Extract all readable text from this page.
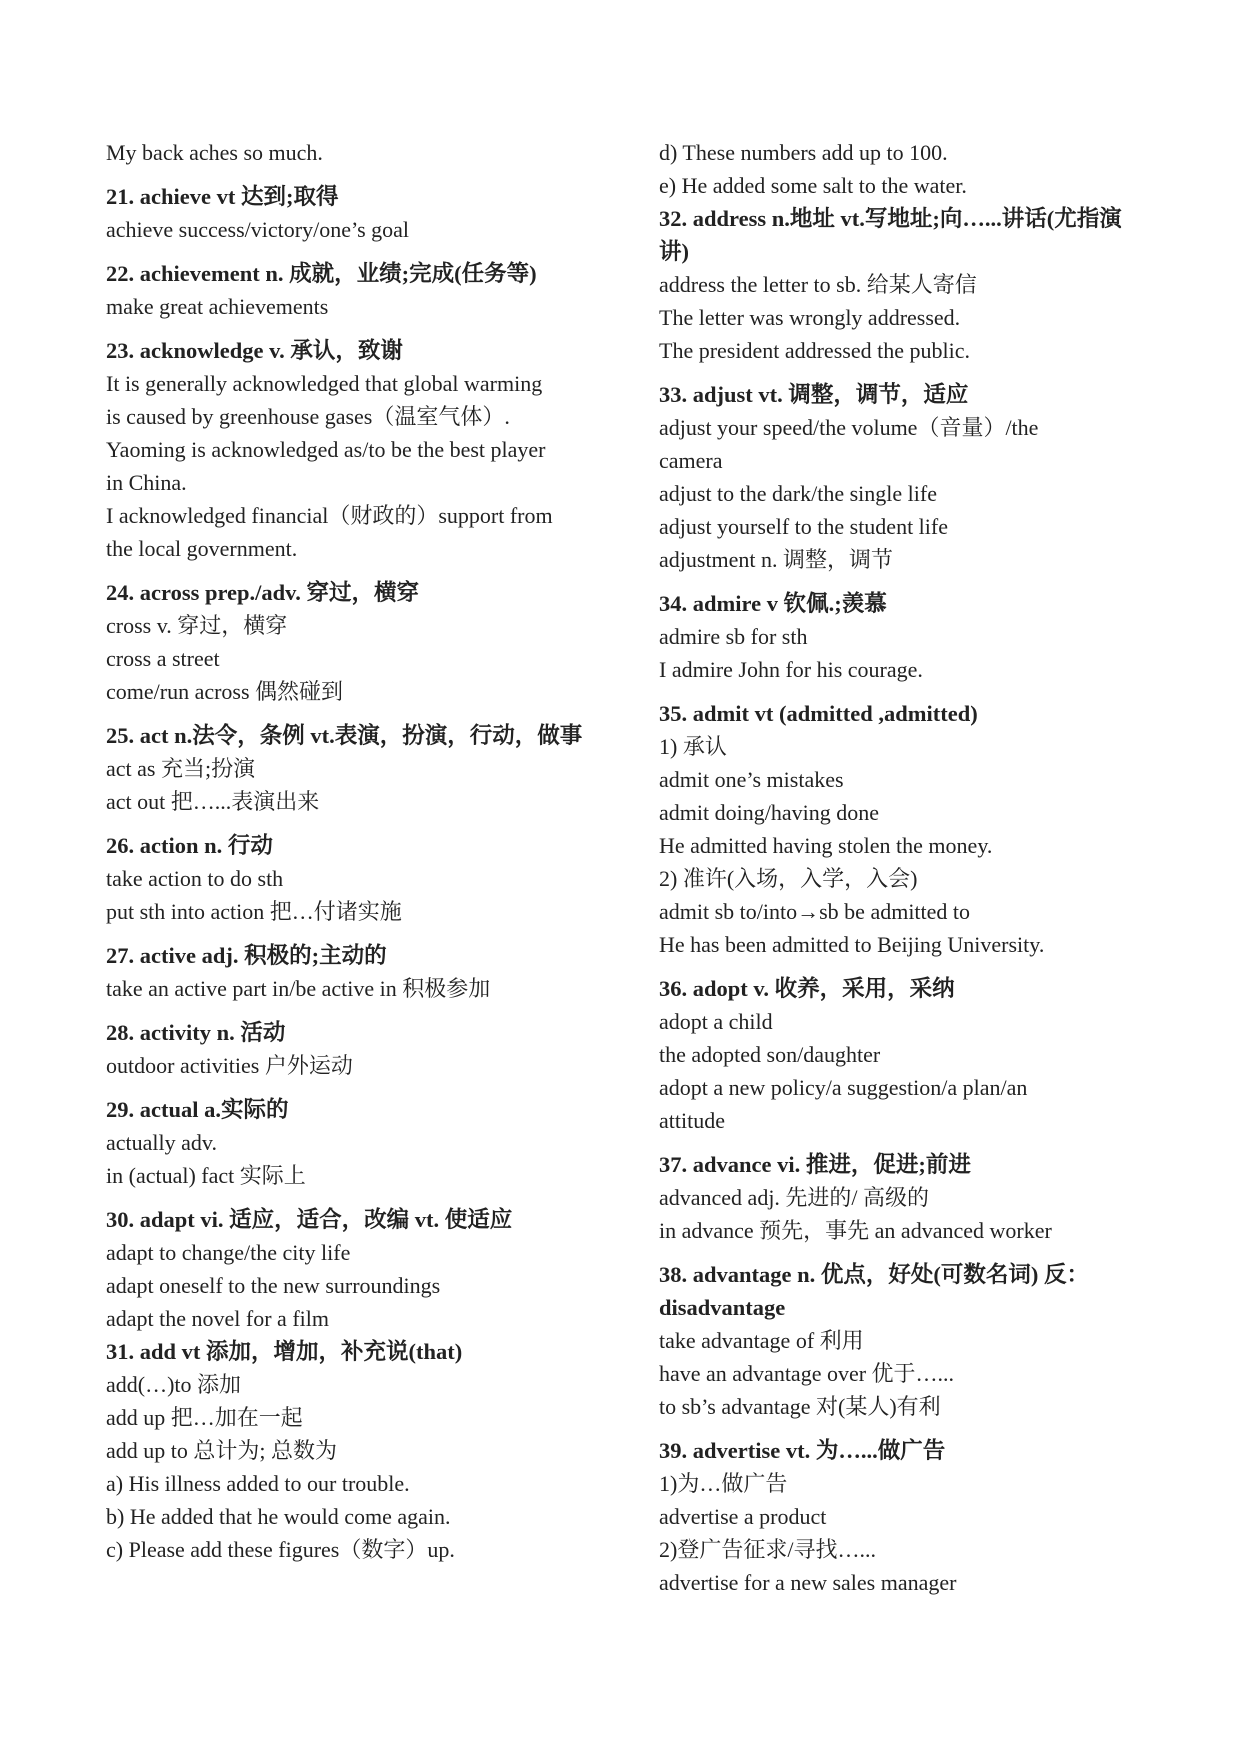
My back aches so much.
21. achieve vt 达到;取得
achieve success/victory/one’s goal
22. achievement n. 成就，业绩;完成(任务等)
make great achievements
23. acknowledge v. 承认，致谢
It is generally acknowledged that global warming
is caused by greenhouse gases（温室气体）.
Yaoming is acknowledged as/to be the best player
in China.
I acknowledged financial（财政的）support from
the local government.
24. across prep./adv. 穿过，横穿
cross v. 穿过，横穿
cross a street
come/run across 偶然碰到
25. act n.法令，条例 vt.表演，扮演，行动，做事
act as 充当;扮演
act out 把…...表演出来
26. action n. 行动
take action to do sth
put sth into action 把…付诸实施
27. active adj. 积极的;主动的
take an active part in/be active in 积极参加
28. activity n. 活动
outdoor activities 户外运动
29. actual a.实际的
actually adv.
in (actual) fact 实际上
30. adapt vi. 适应，适合，改编 vt. 使适应
adapt to change/the city life
adapt oneself to the new surroundings
adapt the novel for a film
31. add vt 添加，增加，补充说(that)
add(…)to 添加
add up 把…加在一起
add up to 总计为; 总数为
a) His illness added to our trouble.
b) He added that he would come again.
c) Please add these figures（数字）up.
d) These numbers add up to 100.
e) He added some salt to the water.
32. address n.地址 vt.写地址;向…...讲话(尤指演讲)
address the letter to sb. 给某人寄信
The letter was wrongly addressed.
The president addressed the public.
33. adjust vt. 调整，调节，适应
adjust your speed/the volume（音量）/the
camera
adjust to the dark/the single life
adjust yourself to the student life
adjustment n. 调整，调节
34. admire v 钦佩.;羡慕
admire sb for sth
I admire John for his courage.
35. admit vt (admitted ,admitted)
1) 承认
admit one’s mistakes
admit doing/having done
He admitted having stolen the money.
2) 准许(入场，入学，入会)
admit sb to/into→sb be admitted to
He has been admitted to Beijing University.
36. adopt v. 收养，采用，采纳
adopt a child
the adopted son/daughter
adopt a new policy/a suggestion/a plan/an
attitude
37. advance vi. 推进，促进;前进
advanced adj. 先进的/ 高级的
in advance 预先，事先 an advanced worker
38. advantage n. 优点，好处(可数名词) 反：disadvantage
take advantage of 利用
have an advantage over 优于…...
to sb’s advantage 对(某人)有利
39. advertise vt. 为…...做广告
1)为…做广告
advertise a product
2)登广告征求/寻找…...
advertise for a new sales manager
